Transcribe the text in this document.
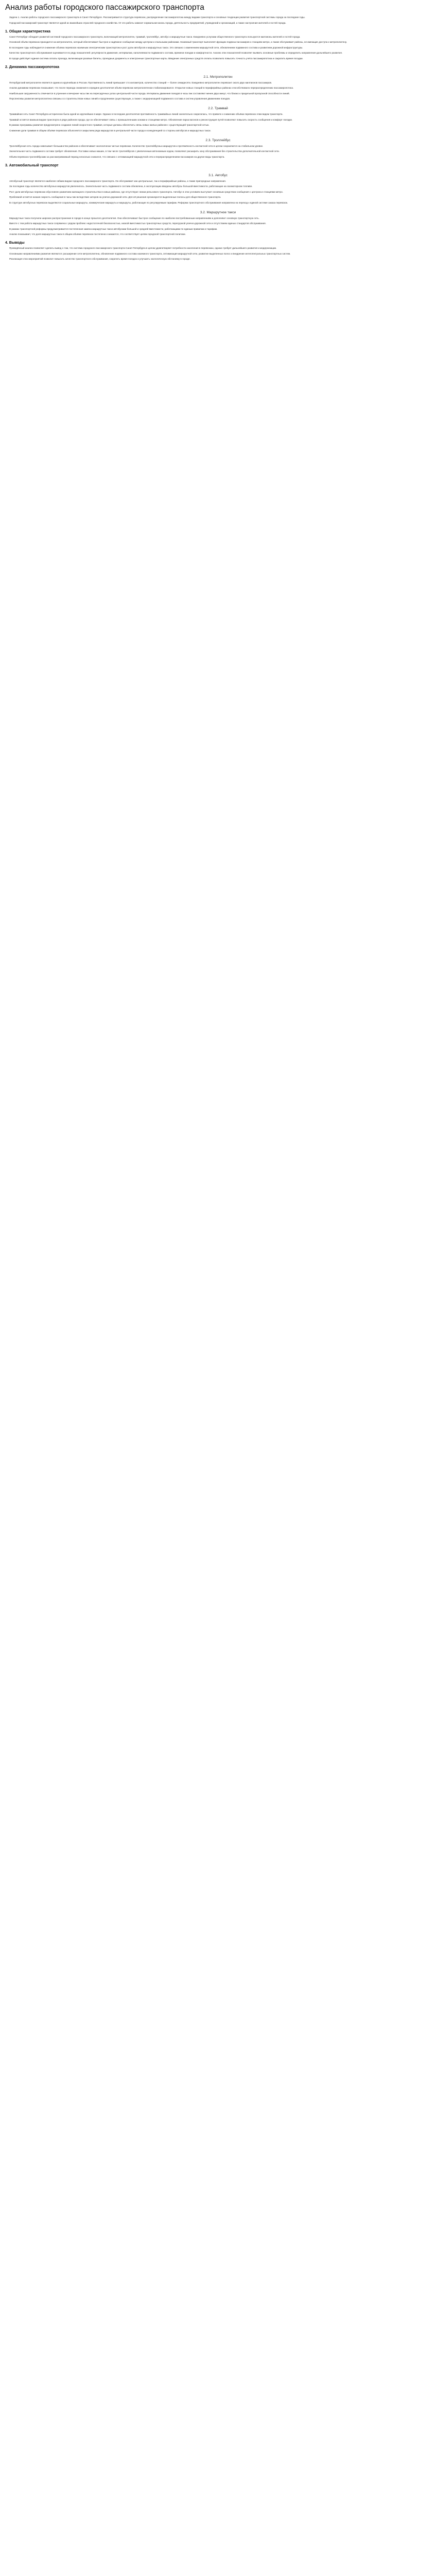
Анализ работы городского пассажирского транспорта

Задача 1. Анализ работы городского пассажирского транспорта в Санкт-Петербурге. Рассматривается структура перевозок, распределение пассажиропотока между видами транспорта и основные тенденции развития транспортной системы города за последние годы.

Городской пассажирский транспорт является одной из важнейших отраслей городского хозяйства. От его работы зависит нормальная жизнь города, деятельность предприятий, учреждений и организаций, а также настроение жителей и гостей города.

1. Общая характеристика

Санкт-Петербург обладает развитой системой городского пассажирского транспорта, включающей метрополитен, трамвай, троллейбус, автобус и маршрутные такси. Ежедневно услугами общественного транспорта пользуются миллионы жителей и гостей города.

Основной объём перевозок приходится на метрополитен, который обеспечивает быстрое и надёжное сообщение между центром и спальными районами. Наземный транспорт выполняет функцию подвоза пассажиров к станциям метро, а также обслуживает районы, не имеющие доступа к метрополитену.

В последние годы наблюдается снижение объёма перевозок наземным электрическим транспортом и рост доли автобусов и маршрутных такси. Это связано с изменением маршрутной сети, обновлением подвижного состава и развитием дорожной инфраструктуры.

Качество транспортного обслуживания оценивается по ряду показателей: регулярности движения, интервалам, наполняемости подвижного состава, времени поездки и комфортности. Анализ этих показателей позволяет выявить основные проблемы и определить направления дальнейшего развития.

В городе действует единая система оплаты проезда, включающая разовые билеты, проездные документы и электронные транспортные карты. Введение электронных средств оплаты позволило повысить точность учёта пассажиропотока и сократить время посадки.

2. Динамика пассажиропотока
2.1. Метрополитен

Петербургский метрополитен является одним из крупнейших в России. Протяжённость линий превышает сто километров, количество станций — более семидесяти. Ежедневно метрополитен перевозит около двух миллионов пассажиров.

Анализ динамики перевозок показывает, что после периода снижения в середине десятилетия объём перевозок метрополитеном стабилизировался. Открытие новых станций в периферийных районах способствовало перераспределению пассажиропотока.

Наибольшая загруженность отмечается в утренние и вечерние часы пик на пересадочных узлах центральной части города. Интервалы движения поездов в часы пик составляют менее двух минут, что близко к предельной пропускной способности линий.

Перспективы развития метрополитена связаны со строительством новых линий и продлением существующих, а также с модернизацией подвижного состава и систем управления движением поездов.

2.2. Трамвай

Трамвайная сеть Санкт-Петербурга исторически была одной из крупнейших в мире. Однако в последние десятилетия протяжённость трамвайных линий значительно сократилась, что привело к снижению объёма перевозок этим видом транспорта.

Трамвай остаётся важным видом транспорта в ряде районов города, где он обеспечивает связь с промышленными зонами и станциями метро. Обновление парка вагонов и реконструкция путей позволяют повысить скорость сообщения и комфорт поездки.

В рамках программы развития предусмотрено создание линий скоростного трамвая, которые должны обеспечить связь новых жилых районов с существующей транспортной сетью.

Снижение доли трамвая в общем объёме перевозок объясняется закрытием ряда маршрутов в центральной части города и конкуренцией со стороны автобусов и маршрутных такси.

2.3. Троллейбус

Троллейбусная сеть города охватывает большинство районов и обеспечивает экологически чистые перевозки. Количество троллейбусных маршрутов и протяжённость контактной сети в целом сохраняются на стабильном уровне.

Значительная часть подвижного состава требует обновления. Поставки новых машин, в том числе троллейбусов с увеличенным автономным ходом, позволяют расширить зону обслуживания без строительства дополнительной контактной сети.

Объём перевозок троллейбусами за рассматриваемый период несколько снизился, что связано с оптимизацией маршрутной сети и перераспределением пассажиров на другие виды транспорта.

3. Автомобильный транспорт
3.1. Автобус

Автобусный транспорт является наиболее гибким видом городского пассажирского транспорта. Он обслуживает как центральные, так и периферийные районы, а также пригородные направления.

За последние годы количество автобусных маршрутов увеличилось. Значительная часть подвижного состава обновлена, в эксплуатацию введены автобусы большой вместимости, работающие на газомоторном топливе.

Рост доли автобусных перевозок обусловлен развитием жилищного строительства в новых районах, где отсутствуют линии рельсового транспорта. Автобус в этих условиях выступает основным средством сообщения с центром и станциями метро.

Проблемой остаётся низкая скорость сообщения в часы пик вследствие заторов на улично-дорожной сети. Для её решения организуются выделенные полосы для общественного транспорта.

В структуре автобусных перевозок выделяются социальные маршруты, коммерческие маршруты и маршруты, работающие по регулируемым тарифам. Реформа транспортного обслуживания направлена на переход к единой системе заказа перевозок.

3.2. Маршрутное такси

Маршрутные такси получили широкое распространение в городе в конце прошлого десятилетия. Они обеспечивают быстрое сообщение по наиболее востребованным направлениям и дополняют основную транспортную сеть.

Вместе с тем работа маршрутных такси сопряжена с рядом проблем: недостаточной безопасностью, низкой вместимостью транспортных средств, перегрузкой улично-дорожной сети и отсутствием единых стандартов обслуживания.

В рамках транспортной реформы предусматривается постепенная замена маршрутных такси автобусами большой и средней вместимости, работающими по единым правилам и тарифам.

Анализ показывает, что доля маршрутных такси в общем объёме перевозок постепенно снижается, что соответствует целям городской транспортной политики.

4. Выводы

Проведённый анализ позволяет сделать вывод о том, что система городского пассажирского транспорта Санкт-Петербурга в целом удовлетворяет потребности населения в перевозках, однако требует дальнейшего развития и модернизации.

Основными направлениями развития являются: расширение сети метрополитена, обновление подвижного состава наземного транспорта, оптимизация маршрутной сети, развитие выделенных полос и внедрение интеллектуальных транспортных систем.

Реализация этих мероприятий позволит повысить качество транспортного обслуживания, сократить время поездок и улучшить экологическую обстановку в городе.
